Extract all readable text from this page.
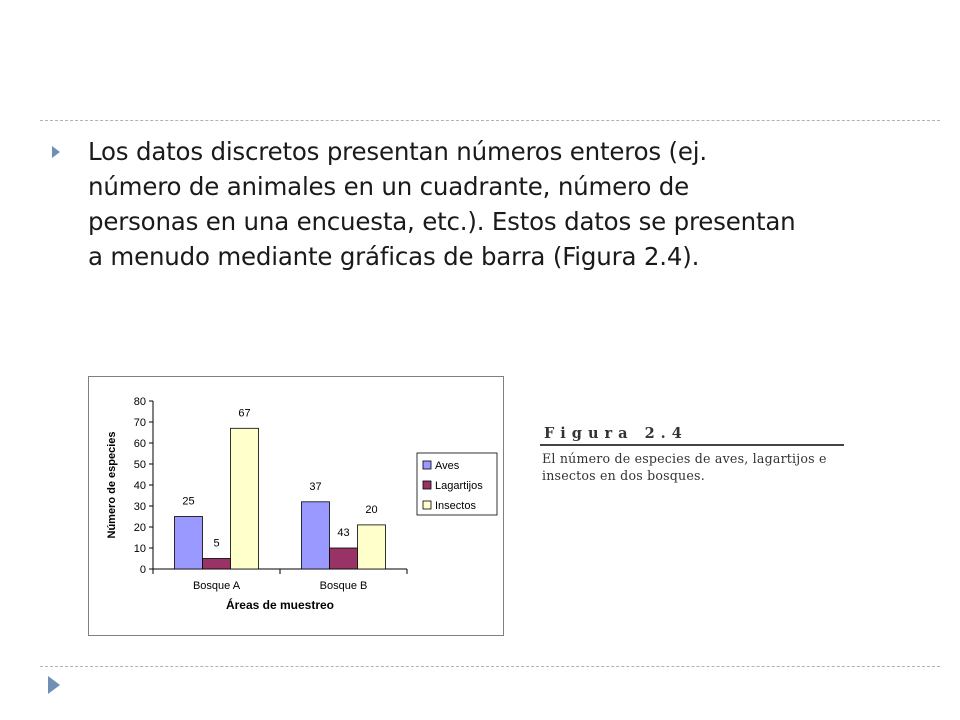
Los datos discretos presentan números enteros (ej.
número de animales en un cuadrante, número de
personas en una encuesta, etc.). Estos datos se presentan
a menudo mediante gráficas de barra (Figura 2.4).
0
10
20
30
40
50
60
70
80
25
5
67
Bosque A
37
43
20
Bosque B
Áreas de muestreo
Número de especies	Aves
Lagartijos
Insectos
Figura 2.4
El número de especies de aves, lagartijos e
insectos en dos bosques.
